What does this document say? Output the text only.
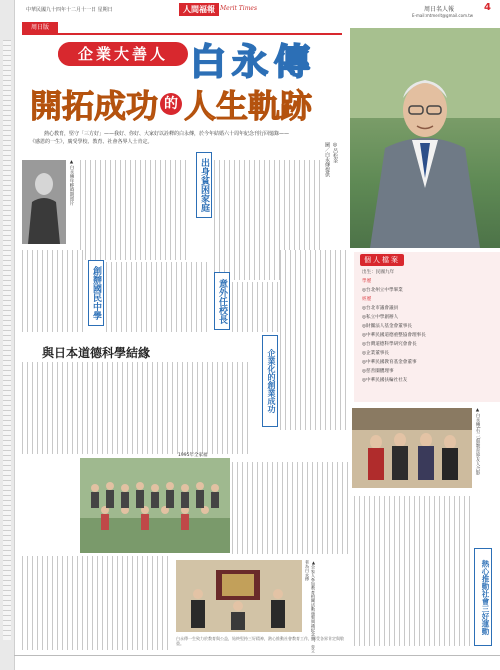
中華民國九十四年十二月十一日 星期日	人間福報 Merit Times	周日名人報	4
E-mail:mtmerit@gmail.com.tw
周日版
企業大善人 白永傳
開拓成功 的 人生軌跡
熱心教育，堅守「三方好」——我好、你好、大家好以詮釋的白永傳，於今年結婚六十周年紀念刊行回憶錄——
《感恩的一生》，廣受學校、教育、社會各界人士肯定。	◎呂松奎
圖／白永傳提供
▲白永傳年輕時期照片	出身貧困家庭
創辦國民中學	意外任校長
企業化的創業成功
個人檔案
出生：民國九年
學歷
◎台北州立中學畢業
經歷
◎台北市議會議員
◎私立中學創辦人
◎財團法人基金會董事長
◎中華民國道德重整協會理事長
◎台灣道德科學研究會會長
◎企業董事長
◎中華民國教育基金會董事
◎慈善團體理事
◎中華民國扶輪社社友
與日本道德科學結緣
▲白永傳(右二)與教育界友人合影
1995年全家福
熱心推動社會三好運動
▲全家人參加教育相關活動頒獎典禮紀念照，旁立者為白永傳
白永傳一生致力於教育與公益，始終堅持三好精神，熱心推動社會教育工作，深受各界肯定與敬重。
